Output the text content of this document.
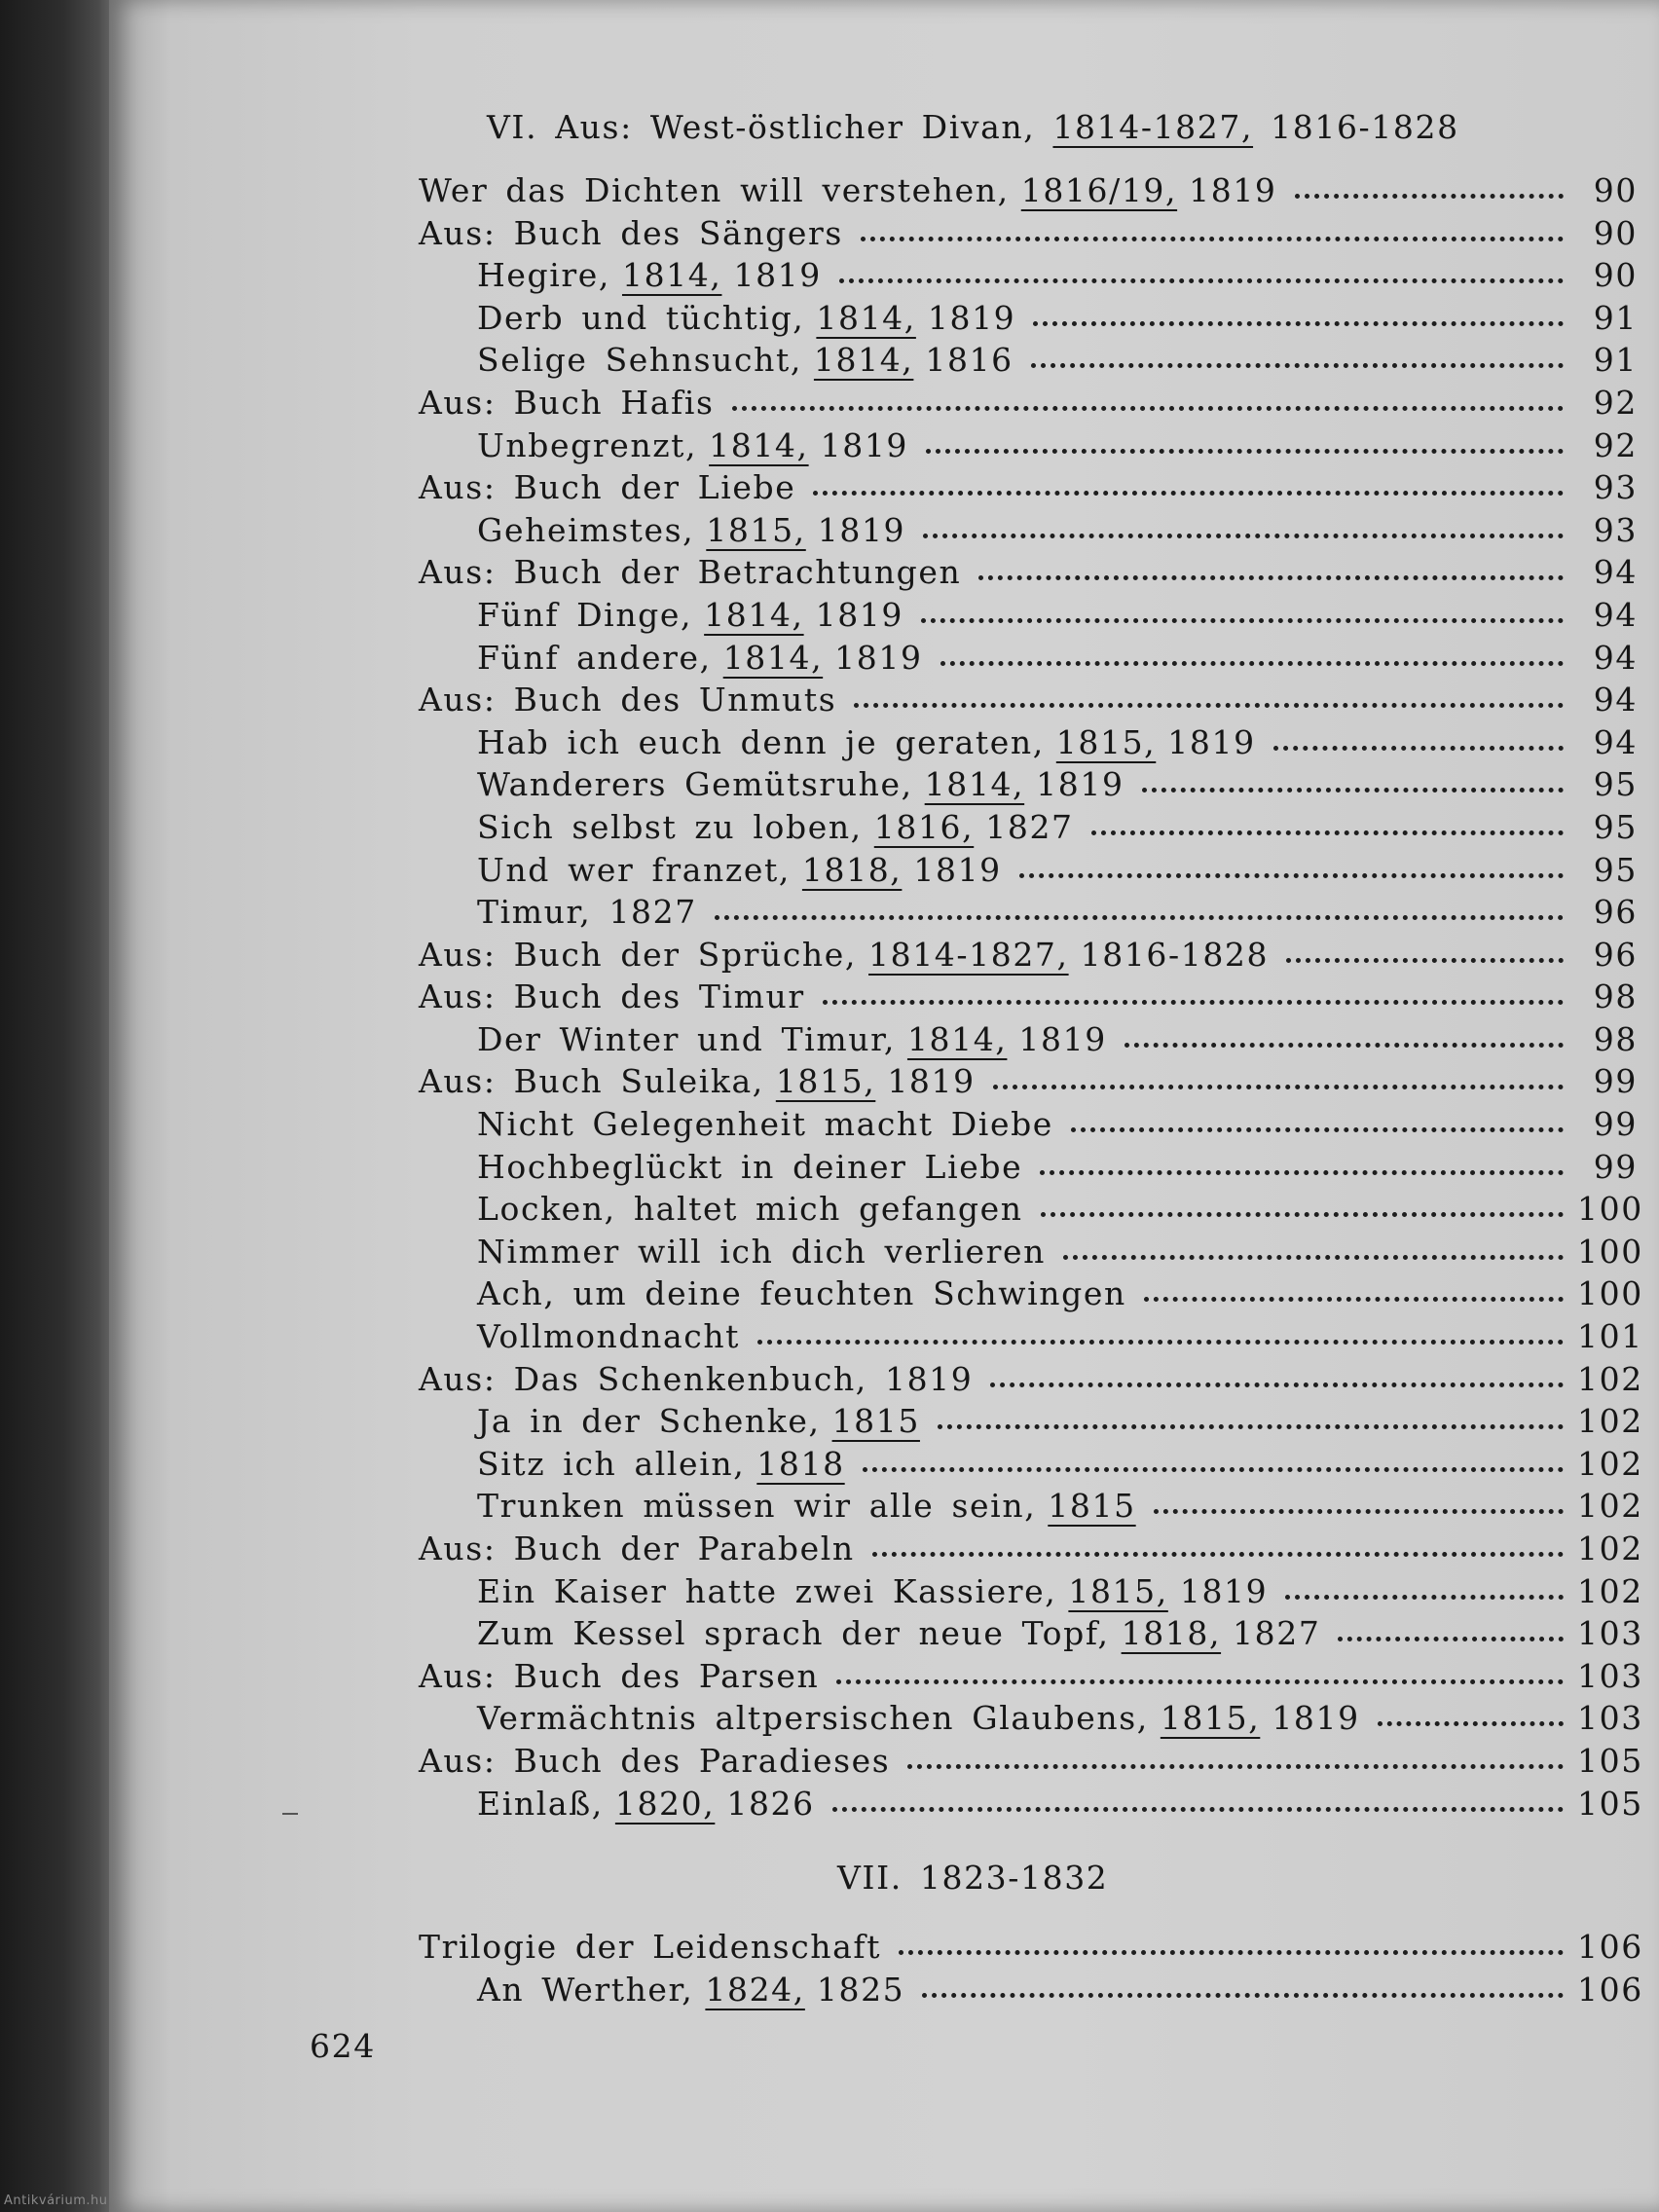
VI. Aus: West-östlicher Divan, 1814-1827, 1816-1828
Wer das Dichten will verstehen, 1816/19, 1819	90
Aus: Buch des Sängers	90
Hegire, 1814, 1819	90
Derb und tüchtig, 1814, 1819	91
Selige Sehnsucht, 1814, 1816	91
Aus: Buch Hafis	92
Unbegrenzt, 1814, 1819	92
Aus: Buch der Liebe	93
Geheimstes, 1815, 1819	93
Aus: Buch der Betrachtungen	94
Fünf Dinge, 1814, 1819	94
Fünf andere, 1814, 1819	94
Aus: Buch des Unmuts	94
Hab ich euch denn je geraten, 1815, 1819	94
Wanderers Gemütsruhe, 1814, 1819	95
Sich selbst zu loben, 1816, 1827	95
Und wer franzet, 1818, 1819	95
Timur, 1827	96
Aus: Buch der Sprüche, 1814-1827, 1816-1828	96
Aus: Buch des Timur	98
Der Winter und Timur, 1814, 1819	98
Aus: Buch Suleika, 1815, 1819	99
Nicht Gelegenheit macht Diebe	99
Hochbeglückt in deiner Liebe	99
Locken, haltet mich gefangen	100
Nimmer will ich dich verlieren	100
Ach, um deine feuchten Schwingen	100
Vollmondnacht	101
Aus: Das Schenkenbuch, 1819	102
Ja in der Schenke, 1815	102
Sitz ich allein, 1818	102
Trunken müssen wir alle sein, 1815	102
Aus: Buch der Parabeln	102
Ein Kaiser hatte zwei Kassiere, 1815, 1819	102
Zum Kessel sprach der neue Topf, 1818, 1827	103
Aus: Buch des Parsen	103
Vermächtnis altpersischen Glaubens, 1815, 1819	103
Aus: Buch des Paradieses	105
Einlaß, 1820, 1826	105
VII. 1823-1832
Trilogie der Leidenschaft	106
An Werther, 1824, 1825	106
624
Antikvárium.hu
